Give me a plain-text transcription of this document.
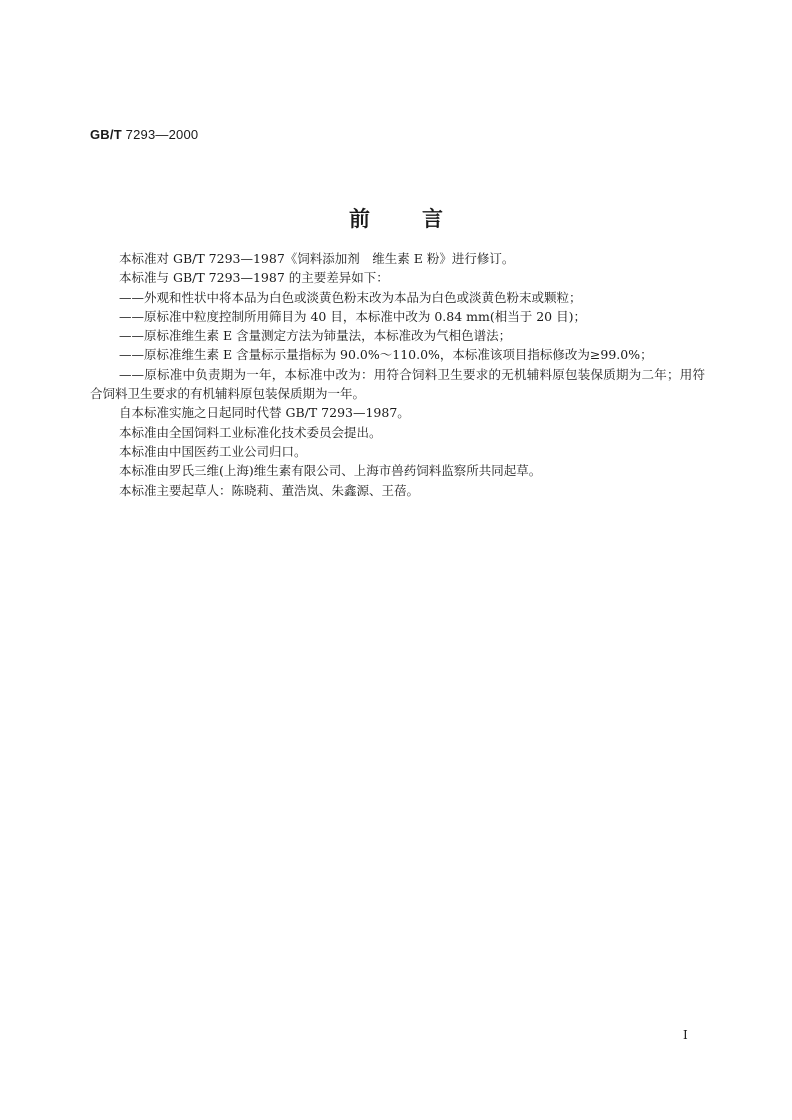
GB/T 7293—2000
前言

本标准对 GB/T 7293—1987《饲料添加剂　维生素 E 粉》进行修订。

本标准与 GB/T 7293—1987 的主要差异如下：

——外观和性状中将本品为白色或淡黄色粉末改为本品为白色或淡黄色粉末或颗粒；

——原标准中粒度控制所用筛目为 40 目，本标准中改为 0.84 mm(相当于 20 目)；

——原标准维生素 E 含量测定方法为铈量法，本标准改为气相色谱法；

——原标准维生素 E 含量标示量指标为 90.0%～110.0%，本标准该项目指标修改为≥99.0%；

——原标准中负责期为一年，本标准中改为：用符合饲料卫生要求的无机辅料原包装保质期为二年；用符合饲料卫生要求的有机辅料原包装保质期为一年。

自本标准实施之日起同时代替 GB/T 7293—1987。

本标准由全国饲料工业标准化技术委员会提出。

本标准由中国医药工业公司归口。

本标准由罗氏三维(上海)维生素有限公司、上海市兽药饲料监察所共同起草。

本标准主要起草人：陈晓莉、董浩岚、朱鑫源、王蓓。

I
